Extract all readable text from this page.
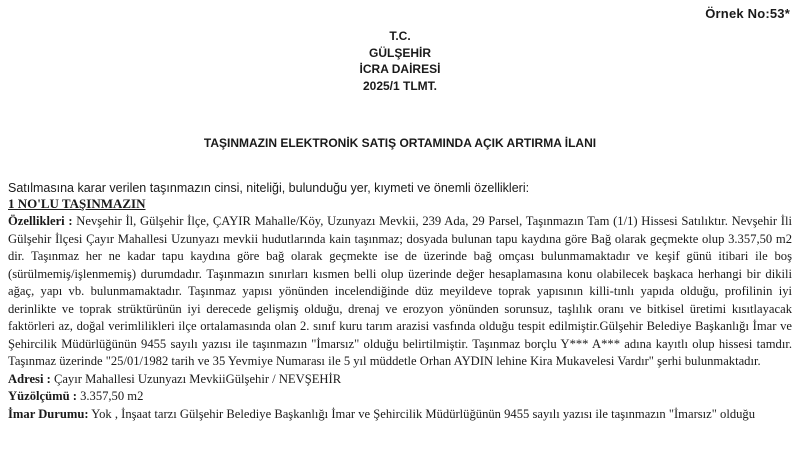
Örnek No:53*
T.C.
GÜLŞEHİR
İCRA DAİRESİ
2025/1 TLMT.
TAŞINMAZIN ELEKTRONİK SATIŞ ORTAMINDA AÇIK ARTIRMA İLANI
Satılmasına karar verilen taşınmazın cinsi, niteliği, bulunduğu yer, kıymeti ve önemli özellikleri:
1 NO'LU TAŞINMAZIN

Özellikleri : Nevşehir İl, Gülşehir İlçe, ÇAYIR Mahalle/Köy, Uzunyazı Mevkii, 239 Ada, 29 Parsel, Taşınmazın Tam (1/1) Hissesi Satılıktır. Nevşehir İli Gülşehir İlçesi Çayır Mahallesi Uzunyazı mevkii hudutlarında kain taşınmaz; dosyada bulunan tapu kaydına göre Bağ olarak geçmekte olup 3.357,50 m2 dir. Taşınmaz her ne kadar tapu kaydına göre bağ olarak geçmekte ise de üzerinde bağ omçası bulunmamaktadır ve keşif günü itibari ile boş (sürülmemiş/işlenmemiş) durumdadır. Taşınmazın sınırları kısmen belli olup üzerinde değer hesaplamasına konu olabilecek başkaca herhangi bir dikili ağaç, yapı vb. bulunmamaktadır. Taşınmaz yapısı yönünden incelendiğinde düz meyildeve toprak yapısının killi-tınlı yapıda olduğu, profilinin iyi derinlikte ve toprak strüktürünün iyi derecede gelişmiş olduğu, drenaj ve erozyon yönünden sorunsuz, taşlılık oranı ve bitkisel üretimi kısıtlayacak faktörleri az, doğal verimlilikleri ilçe ortalamasında olan 2. sınıf kuru tarım arazisi vasfında olduğu tespit edilmiştir.Gülşehir Belediye Başkanlığı İmar ve Şehircilik Müdürlüğünün 9455 sayılı yazısı ile taşınmazın "İmarsız" olduğu belirtilmiştir. Taşınmaz borçlu Y*** A*** adına kayıtlı olup hissesi tamdır. Taşınmaz üzerinde "25/01/1982 tarih ve 35 Yevmiye Numarası ile 5 yıl müddetle Orhan AYDIN lehine Kira Mukavelesi Vardır" şerhi bulunmaktadır.

Adresi : Çayır Mahallesi Uzunyazı MevkiiGülşehir / NEVŞEHİR

Yüzölçümü : 3.357,50 m2

İmar Durumu: Yok , İnşaat tarzı Gülşehir Belediye Başkanlığı İmar ve Şehircilik Müdürlüğünün 9455 sayılı yazısı ile taşınmazın "İmarsız" olduğu
